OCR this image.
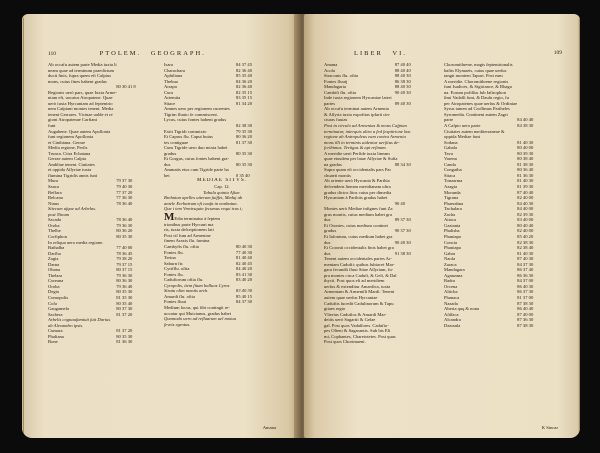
110	PTOLEM. GEOGRAPH.
Ab occafu autem parte Media iuxta li
neam quae ad terminum praedictum
ducit finis, fupra quem eft Caſpius
mons, cuius fines habent gradus
80 30 41 8
Regionis uerò pars, quae Iuxta Arme-
niam eft, uocatur Atropatene. Quae
uerò iuxta Hyrcaniam ad feptentrio
nem Caſpiani montes tenent. Media
tenent Gerrares. Vicinae ualde ei re
gioni Atropatenae Carfiani
funt
Augabene. Quae autem Apollonia
funt regionem Apollonia
et Cinthiana. Gerrae
Media regione, Perſis
Trunca. Citra Ecbatana
Gerrae autem Caſpia
Ambliae tenent. Ciuitates
et oppida Aſſyriae iuxta
flumina Tigridis annis funt
Mura	79 37 30
Sauca	79 40 30
Beffara	77 37 20
Belcana	77 36 30
Ninus	78 36 40
Sitecum ufque ad Arbelas.
post Ninum
Sacada	78 36 40
Oroba	79 36 30
Thelbe	80 36 20
Corfiphon	80 35 30
In reliqua uero media regione.
Bathalba	77 40 00
Darfha	78 36 45
Zagia	79 38 20
Darna	79 37 15
Obana	80 37 15
Thelara	79 36 30
Coreana	80 36 30
Oroba	79 36 40
Degia	80 35 30
Comopolis	81 35 30
Cofa	80 35 40
Gaugamela	80 37 30
Sacbera	81 37 20
Arbelis cognaufamiuit fuit Darius
ab Alexandro ipsis.
Cumara	81 37 20
Phaliana	80 35 30
Bone	81 36 30
Isara	84 37 45
Charachara	82 36 40
Aphiliana	85 35 40
Thebua	84 36 20
Arrapa	82 36 40
Cura	82 35 15
Artemita	83 35 15
Sitace	81 34 20
Amnes uero per regionem currentes
Tigrim fluuio fe commiscent.
Lycus, cuius fontes habent gradus
82 38 30
Exitt Tigridi commixto	79 35 30
Et Caprus flu. Caput buius	80 36 20
tes contiguae	81 37 30
Cum Tigride uero duo mixta habet
gradus	80 35 30
Et Gorgus, cuius fontes habent gra-
dus	80 35 30
Ammatis eius cum Tigride parte ha
bet	0 35 40
MEDIAE SITVS.
Cap. 12.
Tabula quinta Aſiae.
Brebatun apelles uiterum fuiffet, Meduj ab
antele Ecrbatrum eft caufa in nonbatun.
Que i tem Vrmirsquin ſecumus requi trus i;
MEdia terminatur à ſeptem
trionibus parte Hyrcani ma
ris, iuxta deſcriptionem lati
Post ciſ fum ad Armeniae
finem Araxis flu. fumina
Cambyfis flu. oftia	80 40 30
Fontes flu.	77 40 30
Terina	81 40 40
Saburn ftr.	82 40 45
Cyrifflu. oftia	84 40 20
Fontes flu.	83 41 30
Cadufiorum oftia flu.	83 40 20
Cyropolis, item fitum balluos Cyros
Stratu olim montis arch.	83 40 30
Amardi flu. oftia	85 40 15
Fontes fluui	84 37 30
Medium locus, qui fibi contingit re-
uocatur qui Mutcianus, gradus habet
Quomodo uero ad refluarum uel moiua
ſeveis egrotus.
Amana
LIBER VI.	109
Amana	87 40 40
Acola	88 40 40
Straconis flu. oftia	88 40 30
Fontes fluuij	86 38 30
Mandagaria	88 40 30
Cambifi flu. oftia	90 40 30
Inde iuxta regionem Hyrcaniae lateri
partes	89 40 30
Ab occafu terminat autem Armenia
& Aſſyria iuxta expofitas ipfarū cin-
cturas fuuias
Post in circulo ad Armenias & mons Cafpian
terminatur, interquis ultra a ſed fexpitrione bac
regione ab Antropuleus eam contra Armenia
mons illi in terminis uidentur uerſitus de-
ſcribimus. Tertigus & apt reſinam.
A meridie uerò Perſide iuxta lineam
quae eiusdem per latae Aſſyriae & Sufia
na gradus	88 34 30
Supra quam eſt occidentalis pars Par
chuaeti montis
Ab oriente uerò Hyrcania & Parthia
deſcendens lineam meridianam ultra
gradus dictos ſitos cuius per dimedia
Hyrcaniam à Parthiis gradus habet
90 40
Montes uerò Mediae infignes funt Za
grus montis, cuius medium habet gra
dus	89 37 30
Et Orontes, cuius medium continet
gradus	90 37 30
Et Iafonium, cuius medium habet gra
dus	90 40 30
Et Coronii occidentalis finis habet gra
dus	91 38 30
Tenent autem occidentales partes Ar-
meniam Cadufii; quibus fubiacet Mar-
gara fecundū fluui Sitae Aſſyriam, fu-
pra montes circa Cadufi, & Geli, & Dal
thycii. Post quos eſt ad meridiem
uerſus & extenditur Amardica, iuxta
Armeniam & Armeniſſi Mardi. Tenent
autem quae uerſus Hyrcaniae
Cadufiis ſucedit Cadulinorum & Tapu
gitaes regio
Vlterius Cadufios & Amardi Mar-
deiiis uerò Sagartii & Gelae
gal. Post quos Vadaſſores. Cadufio-
pes Oſteni & Sagarantis. Sub his Eli
mi, Cophantes, Chareiotetes. Post quas
Post quos Chorimaeni.
Choromithrene, magis ſeptentrionalis
baſtis Elymaeis, cuius quae uerſus
tangit montem Tapuri. Post eam
A meridie. Choromithrene regionis
funt Isadices, & Sigiriance, & Rhaga
na. Eorum pofiſſus fub Iaſtrophon
ſimi Vadaſſi funt, & Dauſu regio, fu
per Atropatenes quae uerſus & Ordiniae
Syrus tamen ad Croſſimus Partheles
Syromedia. Continent autem Zagri
parte	84 40 40
A Cafpio uero parte	84 38 30
Ciuitates autem mediterraneae &
oppida Mediae funt
Sodana	81 40 30
Gabala	80 40 00
Tava	80 39 30
Varena	80 38 40
Canda	81 38 30
Congatha	80 36 40
Sitaca	81 36 30
Tonzarma	81 40 30
Azagia	81 39 30
Moranda	87 40 40
Tigrana	82 40 00
Phaerabna	84 40 30
Tachalara	84 40 00
Zacha	82 39 30
Atiaca	83 40 00
Gaziania	80 40 40
Phalisba	82 40 00
Phaniapa	85 40 20
Concia	82 38 30
Phaniapa	82 38 40
Gabra	81 40 30
Naofa	87 40 30
Zaraca	84 37 30
Mandagara	86 37 40
Aganzana	86 36 30
Badra	84 37 00
Orcena	86 40 30
Alticba	86 37 30
Phanaca	81 37 00
Nazada	87 38 30
Aberia quę & nona	86 40 40
Aſiſſaca	87 40 00
Alcandra	87 36 30
Daziaula	87 38 30
K Sincar
